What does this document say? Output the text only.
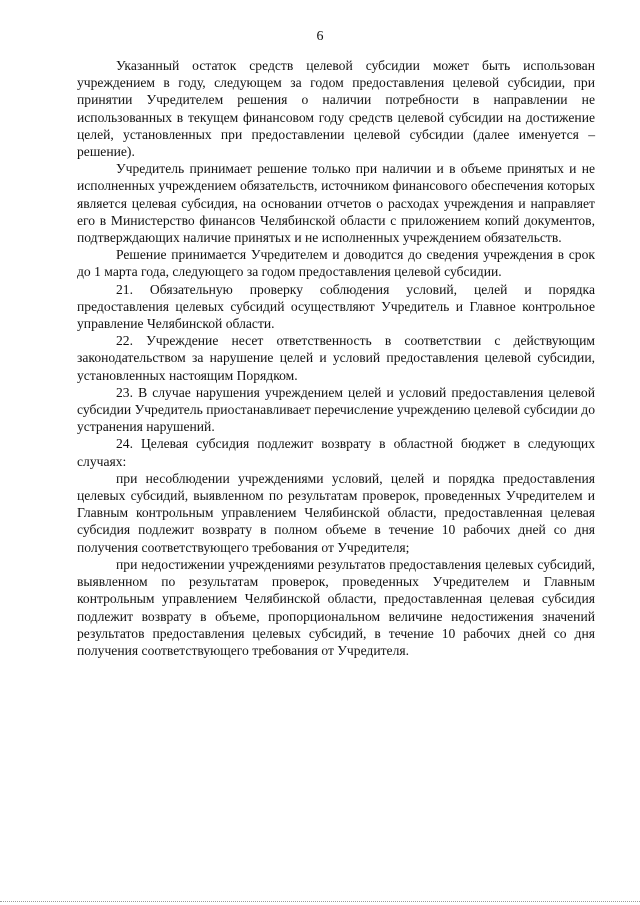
6

Указанный остаток средств целевой субсидии может быть использован учреждением в году, следующем за годом предоставления целевой субсидии, при принятии Учредителем решения о наличии потребности в направлении не использованных в текущем финансовом году средств целевой субсидии на достижение целей, установленных при предоставлении целевой субсидии (далее именуется – решение).

Учредитель принимает решение только при наличии и в объеме принятых и не исполненных учреждением обязательств, источником финансового обеспечения которых является целевая субсидия, на основании отчетов о расходах учреждения и направляет его в Министерство финансов Челябинской области с приложением копий документов, подтверждающих наличие принятых и не исполненных учреждением обязательств.

Решение принимается Учредителем и доводится до сведения учреждения в срок до 1 марта года, следующего за годом предоставления целевой субсидии.

21. Обязательную проверку соблюдения условий, целей и порядка предоставления целевых субсидий осуществляют Учредитель и Главное контрольное управление Челябинской области.

22. Учреждение несет ответственность в соответствии с действующим законодательством за нарушение целей и условий предоставления целевой субсидии, установленных настоящим Порядком.

23. В случае нарушения учреждением целей и условий предоставления целевой субсидии Учредитель приостанавливает перечисление учреждению целевой субсидии до устранения нарушений.

24. Целевая субсидия подлежит возврату в областной бюджет в следующих случаях:

при несоблюдении учреждениями условий, целей и порядка предоставления целевых субсидий, выявленном по результатам проверок, проведенных Учредителем и Главным контрольным управлением Челябинской области, предоставленная целевая субсидия подлежит возврату в полном объеме в течение 10 рабочих дней со дня получения соответствующего требования от Учредителя;

при недостижении учреждениями результатов предоставления целевых субсидий, выявленном по результатам проверок, проведенных Учредителем и Главным контрольным управлением Челябинской области, предоставленная целевая субсидия подлежит возврату в объеме, пропорциональном величине недостижения значений результатов предоставления целевых субсидий, в течение 10 рабочих дней со дня получения соответствующего требования от Учредителя.
